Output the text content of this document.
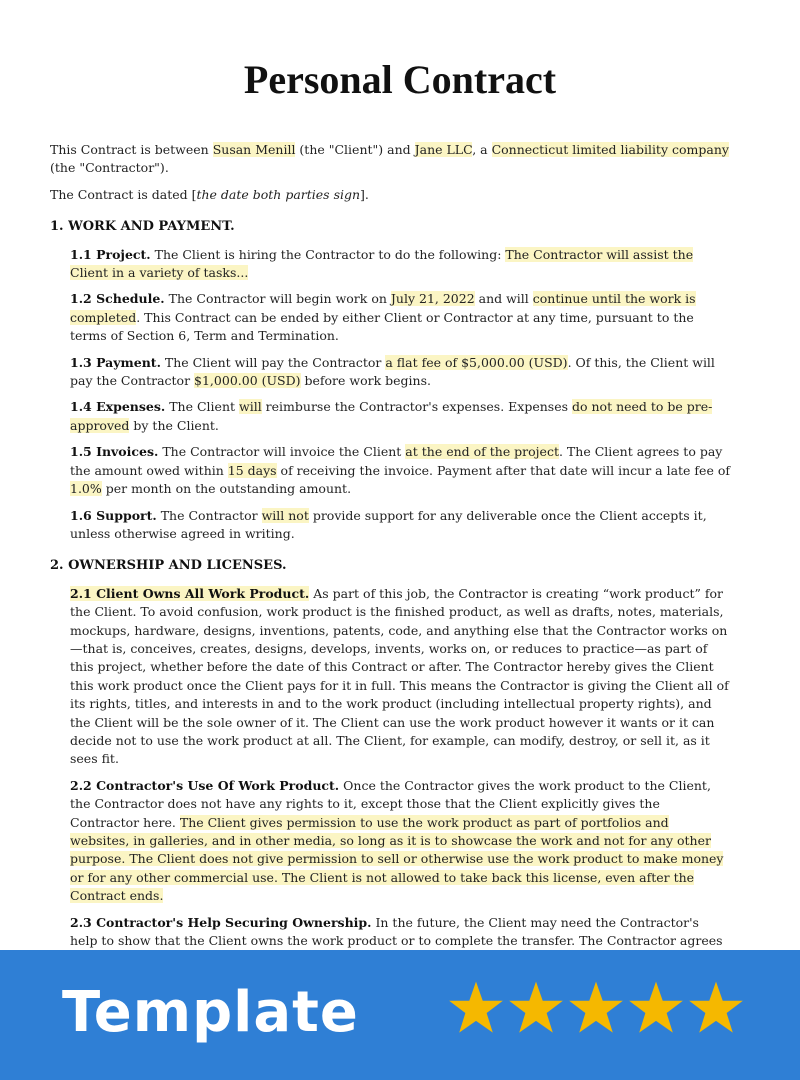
Personal Contract

This Contract is between Susan Menill (the "Client") and Jane LLC, a Connecticut limited liability company (the "Contractor").

The Contract is dated [the date both parties sign].

1. WORK AND PAYMENT.

1.1 Project. The Client is hiring the Contractor to do the following: The Contractor will assist the Client in a variety of tasks...

1.2 Schedule. The Contractor will begin work on July 21, 2022 and will continue until the work is completed. This Contract can be ended by either Client or Contractor at any time, pursuant to the terms of Section 6, Term and Termination.

1.3 Payment. The Client will pay the Contractor a flat fee of $5,000.00 (USD). Of this, the Client will pay the Contractor $1,000.00 (USD) before work begins.

1.4 Expenses. The Client will reimburse the Contractor's expenses. Expenses do not need to be pre-approved by the Client.

1.5 Invoices. The Contractor will invoice the Client at the end of the project. The Client agrees to pay the amount owed within 15 days of receiving the invoice. Payment after that date will incur a late fee of 1.0% per month on the outstanding amount.

1.6 Support. The Contractor will not provide support for any deliverable once the Client accepts it, unless otherwise agreed in writing.

2. OWNERSHIP AND LICENSES.

2.1 Client Owns All Work Product. As part of this job, the Contractor is creating “work product” for the Client. To avoid confusion, work product is the finished product, as well as drafts, notes, materials, mockups, hardware, designs, inventions, patents, code, and anything else that the Contractor works on—that is, conceives, creates, designs, develops, invents, works on, or reduces to practice—as part of this project, whether before the date of this Contract or after. The Contractor hereby gives the Client this work product once the Client pays for it in full. This means the Contractor is giving the Client all of its rights, titles, and interests in and to the work product (including intellectual property rights), and the Client will be the sole owner of it. The Client can use the work product however it wants or it can decide not to use the work product at all. The Client, for example, can modify, destroy, or sell it, as it sees fit.

2.2 Contractor's Use Of Work Product. Once the Contractor gives the work product to the Client, the Contractor does not have any rights to it, except those that the Client explicitly gives the Contractor here. The Client gives permission to use the work product as part of portfolios and websites, in galleries, and in other media, so long as it is to showcase the work and not for any other purpose. The Client does not give permission to sell or otherwise use the work product to make money or for any other commercial use. The Client is not allowed to take back this license, even after the Contract ends.

2.3 Contractor's Help Securing Ownership. In the future, the Client may need the Contractor's help to show that the Client owns the work product or to complete the transfer. The Contractor agrees

Template
